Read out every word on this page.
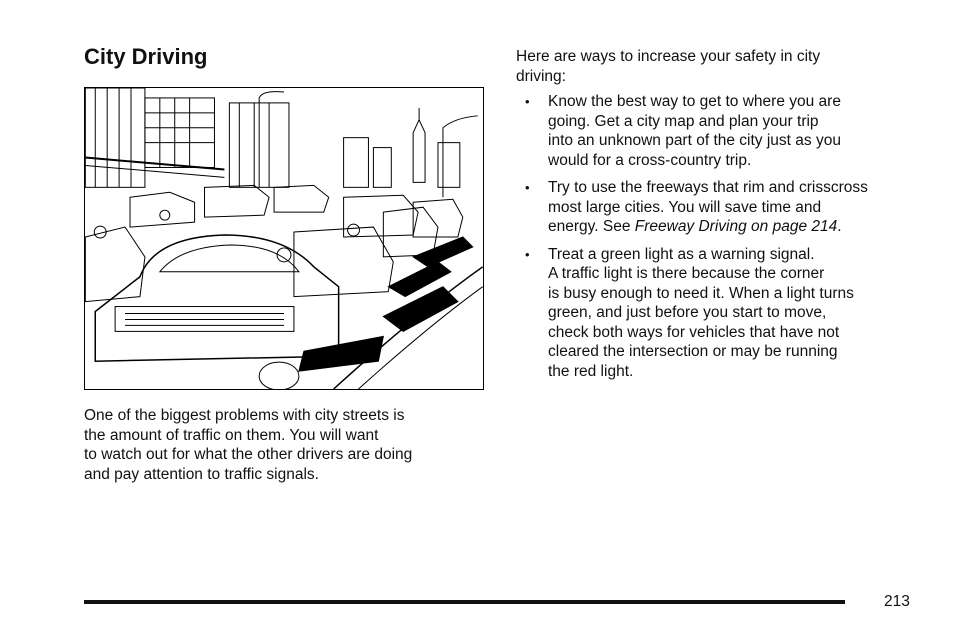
City Driving

One of the biggest problems with city streets is
the amount of traffic on them. You will want
to watch out for what the other drivers are doing
and pay attention to traffic signals.

Here are ways to increase your safety in city
driving:

• Know the best way to get to where you are
going. Get a city map and plan your trip
into an unknown part of the city just as you
would for a cross-country trip.
• Try to use the freeways that rim and crisscross
most large cities. You will save time and
energy. See Freeway Driving on page 214.
• Treat a green light as a warning signal.
A traffic light is there because the corner
is busy enough to need it. When a light turns
green, and just before you start to move,
check both ways for vehicles that have not
cleared the intersection or may be running
the red light.
213
